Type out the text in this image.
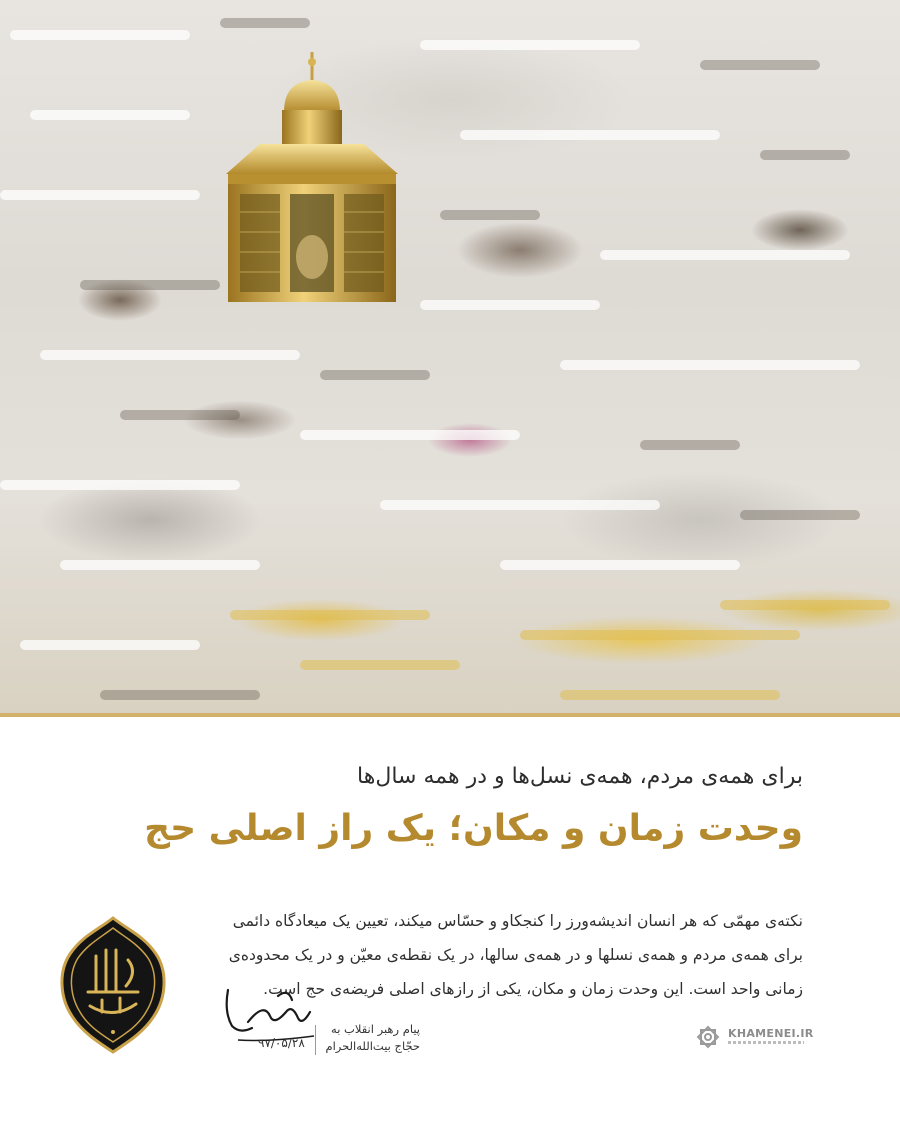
برای همه‌ی مردم، همه‌ی نسل‌ها و در همه سال‌ها
وحدت زمان و مکان؛ یک راز اصلی حج
نکته‌ی مهمّی که هر انسان اندیشه‌ورز را کنجکاو و حسّاس میکند، تعیین یک میعادگاه دائمی
برای همه‌ی مردم و همه‌ی نسلها و در همه‌ی سالها، در یک نقطه‌ی معیّن و در یک محدوده‌ی
زمانی واحد است. این وحدت زمان و مکان، یکی از رازهای اصلی فریضه‌ی حج است.
۹۷/۰۵/۲۸
پیام رهبر انقلاب به
حجّاج بیت‌الله‌الحرام
KHAMENEI.IR
